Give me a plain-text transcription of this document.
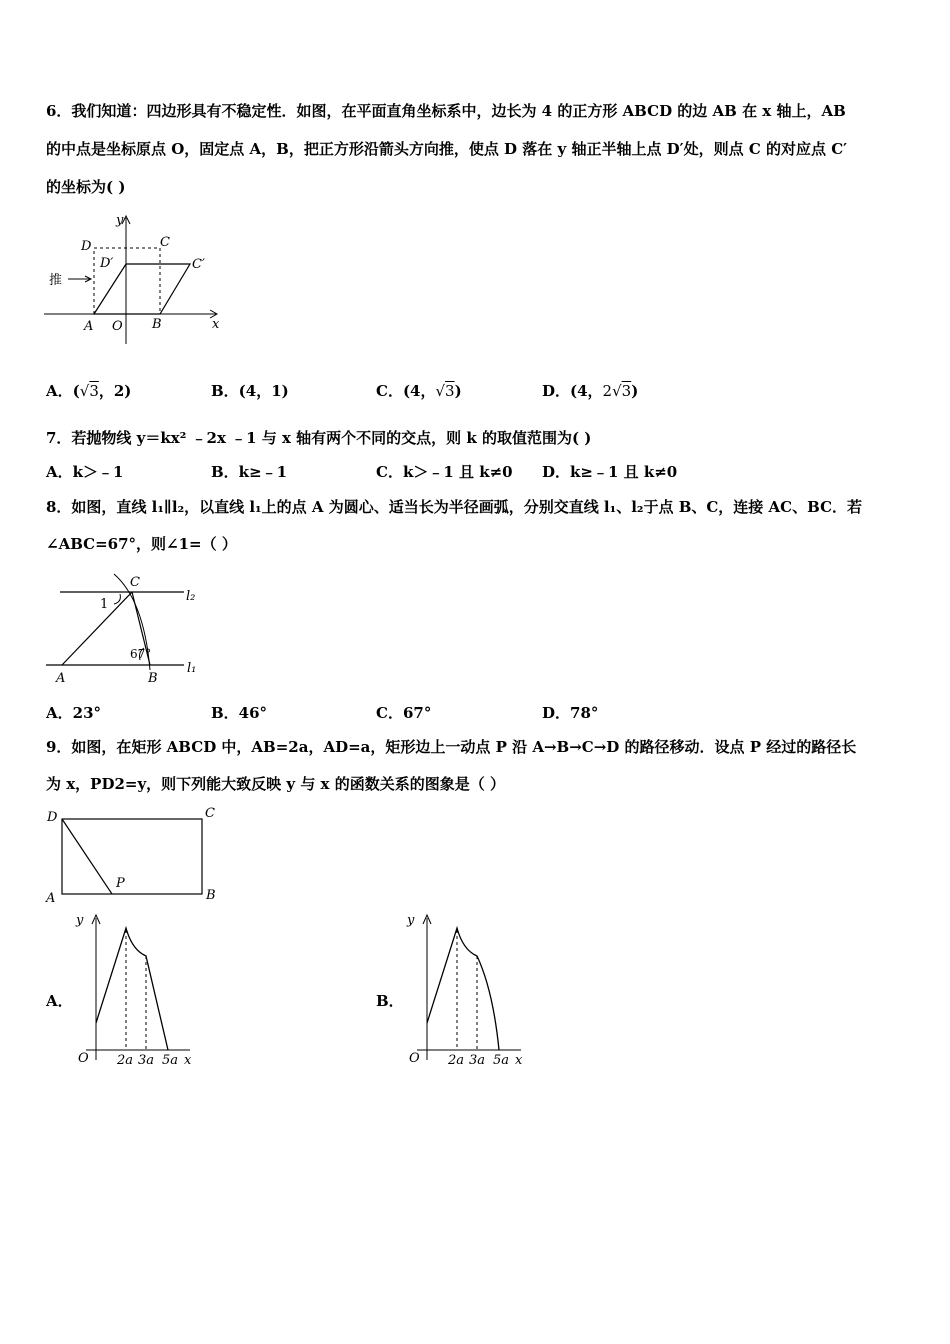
6．我们知道：四边形具有不稳定性．如图，在平面直角坐标系中，边长为 4 的正方形 ABCD 的边 AB 在 x 轴上，AB
的中点是坐标原点 O，固定点 A，B，把正方形沿箭头方向推，使点 D 落在 y 轴正半轴上点 D′处，则点 C 的对应点 C′
的坐标为( )
y
x
D	C
D′	C′
推
A O B
A．(√3，2)	B．(4，1)	C．(4，√3)	D．(4，2√3)
7．若抛物线 y＝kx² ﹣2x ﹣1 与 x 轴有两个不同的交点，则 k 的取值范围为( )
A．k＞﹣1	B．k≥﹣1	C．k＞﹣1 且 k≠0 D．k≥﹣1 且 k≠0
8．如图，直线 l₁∥l₂，以直线 l₁上的点 A 为圆心、适当长为半径画弧，分别交直线 l₁、l₂于点 B、C，连接 AC、BC．若
∠ABC=67°，则∠1=（ ）
C
l₂
1
67°
A	B
l₁
A．23°	B．46°	C．67°	D．78°
9．如图，在矩形 ABCD 中，AB=2a，AD=a，矩形边上一动点 P 沿 A→B→C→D 的路径移动．设点 P 经过的路径长
为 x，PD2=y，则下列能大致反映 y 与 x 的函数关系的图象是（ ）
D	C
P
A	B
A．
y
O 2a 3a 5a x
B．
y
O 2a 3a 5a x
